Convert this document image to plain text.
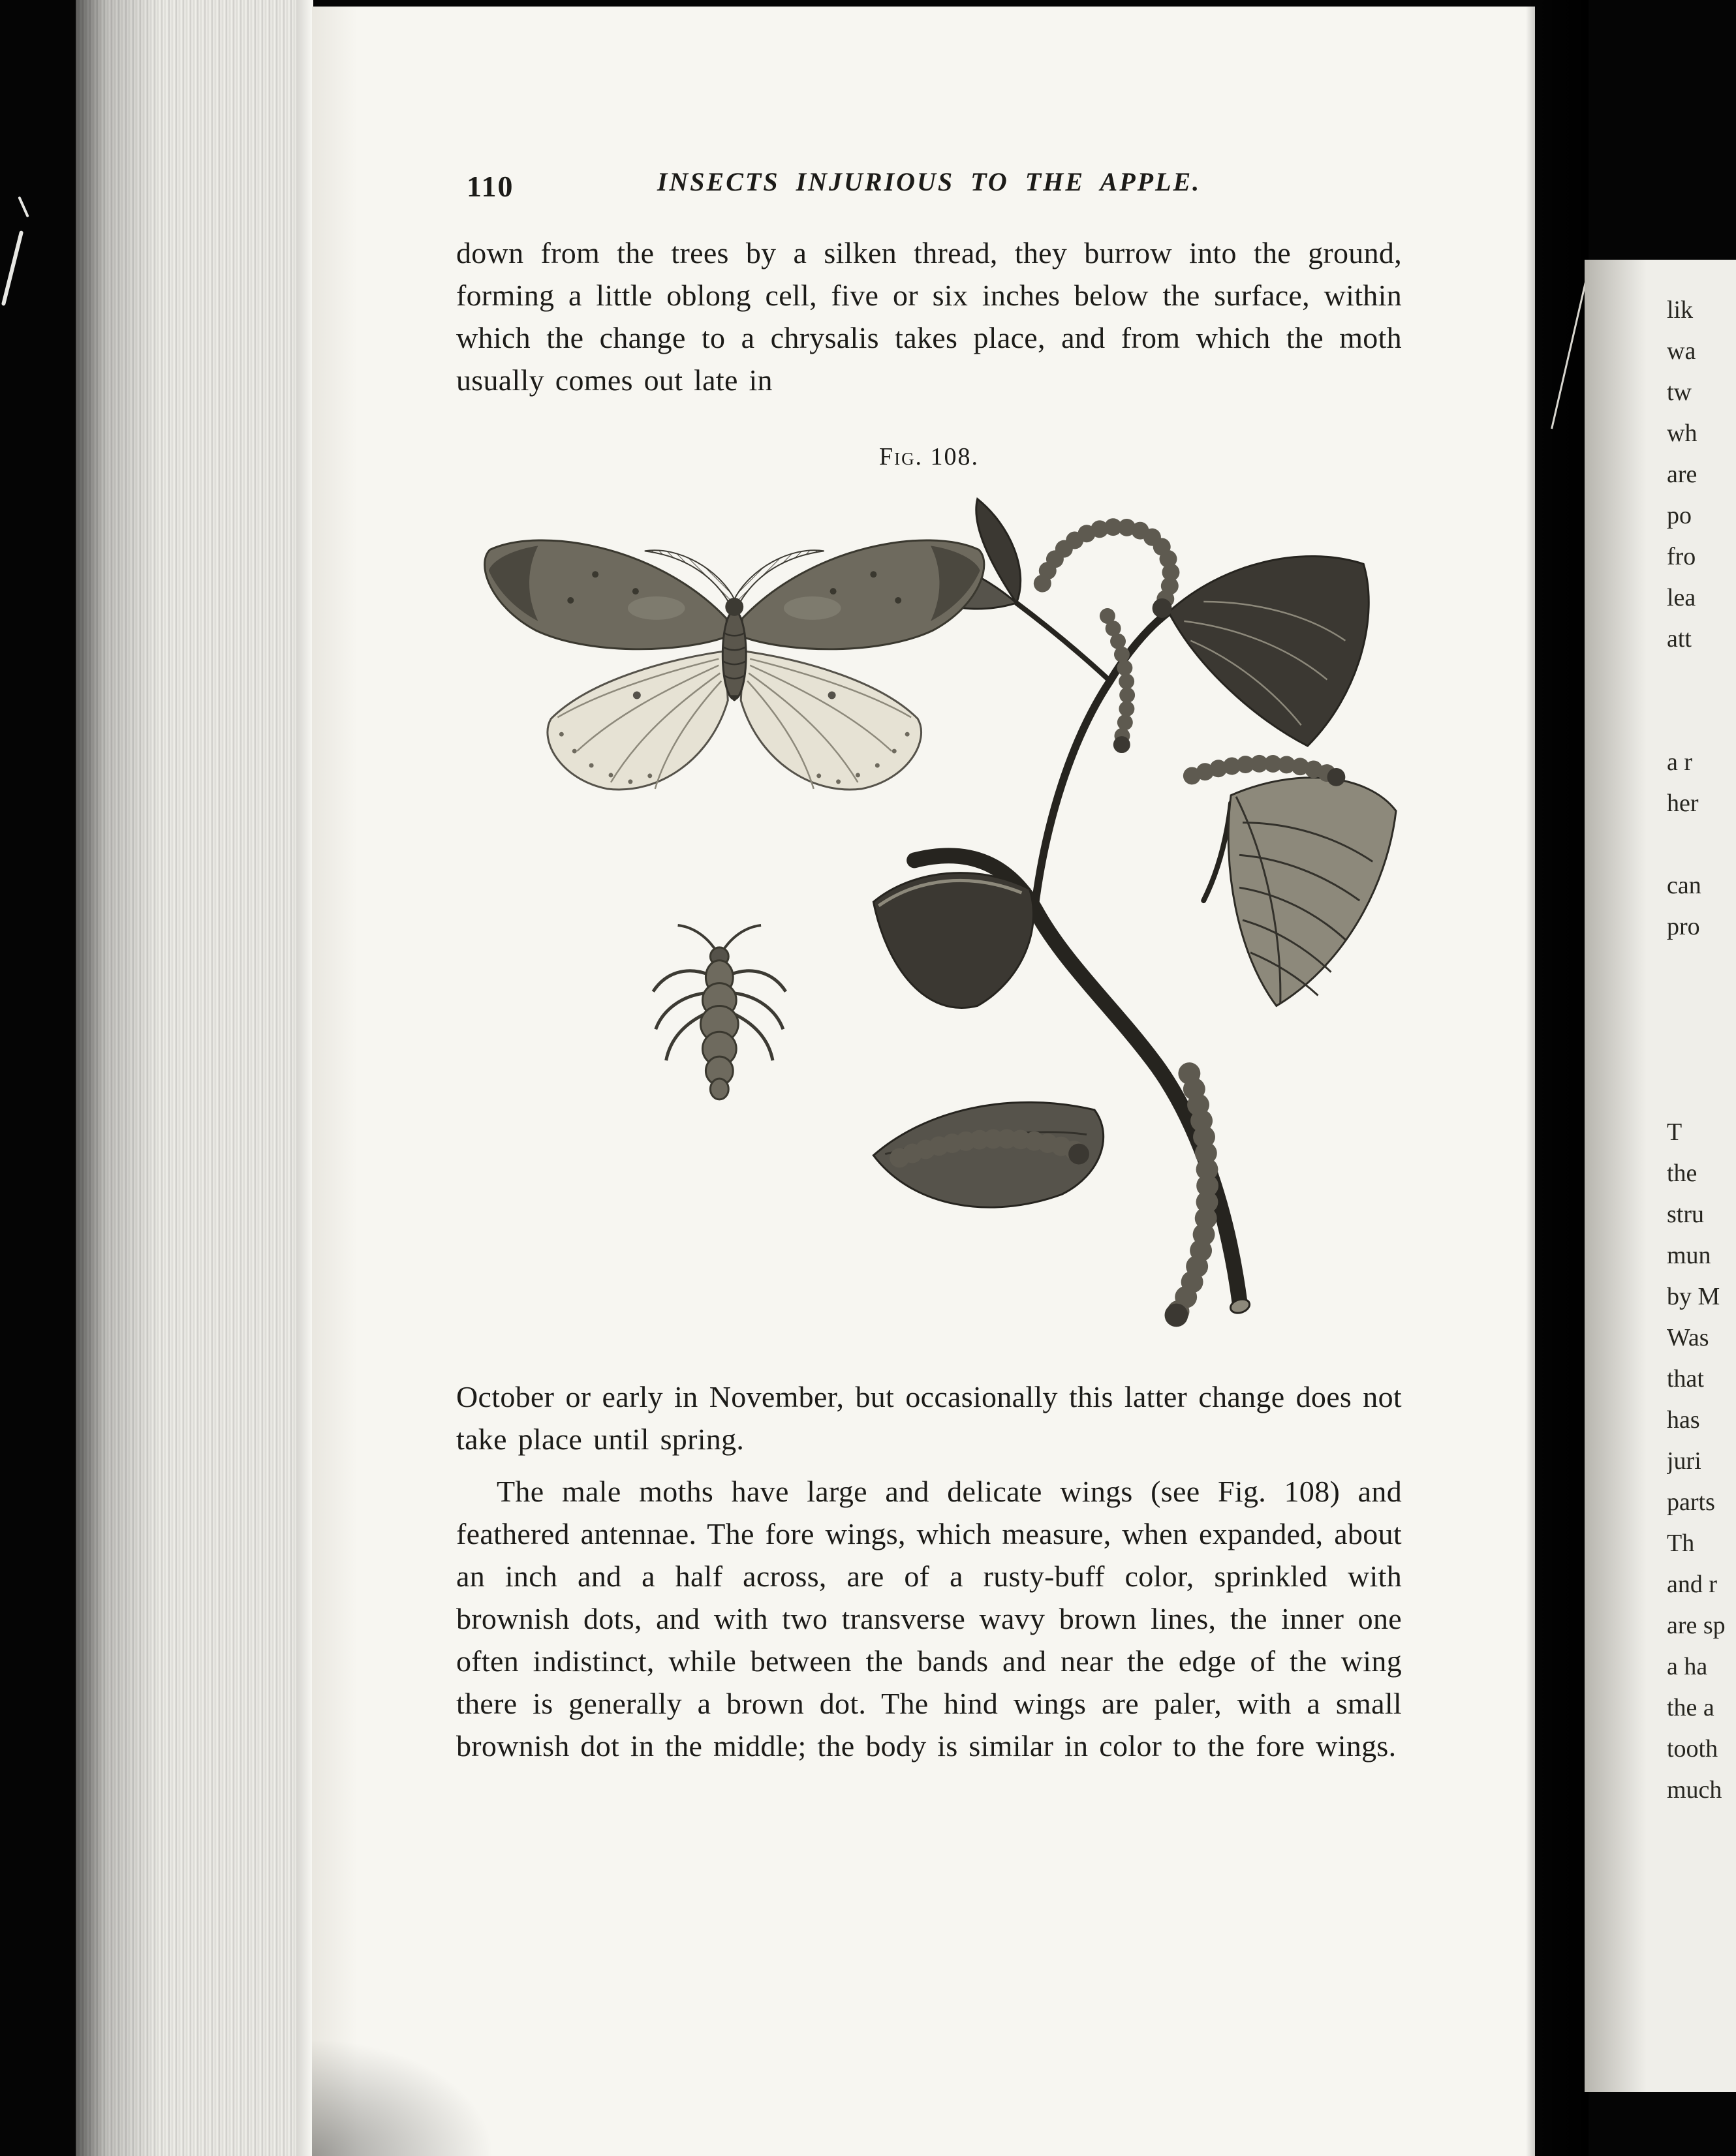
110	INSECTS INJURIOUS TO THE APPLE.

down from the trees by a silken thread, they burrow into the ground, forming a little oblong cell, five or six inches below the surface, within which the change to a chrysalis takes place, and from which the moth usually comes out late in

Fig. 108.

October or early in November, but occasionally this latter change does not take place until spring.

The male moths have large and delicate wings (see Fig. 108) and feathered antennae. The fore wings, which measure, when expanded, about an inch and a half across, are of a rusty-buff color, sprinkled with brownish dots, and with two transverse wavy brown lines, the inner one often indistinct, while between the bands and near the edge of the wing there is generally a brown dot. The hind wings are paler, with a small brownish dot in the middle; the body is similar in color to the fore wings.

lik
wa
tw
wh
are
po
fro
lea
att
a r
her
can
pro
T
the
stru
mun
by M
Was
that
has
juri
parts
Th
and r
are sp
a ha
the a
tooth
much
